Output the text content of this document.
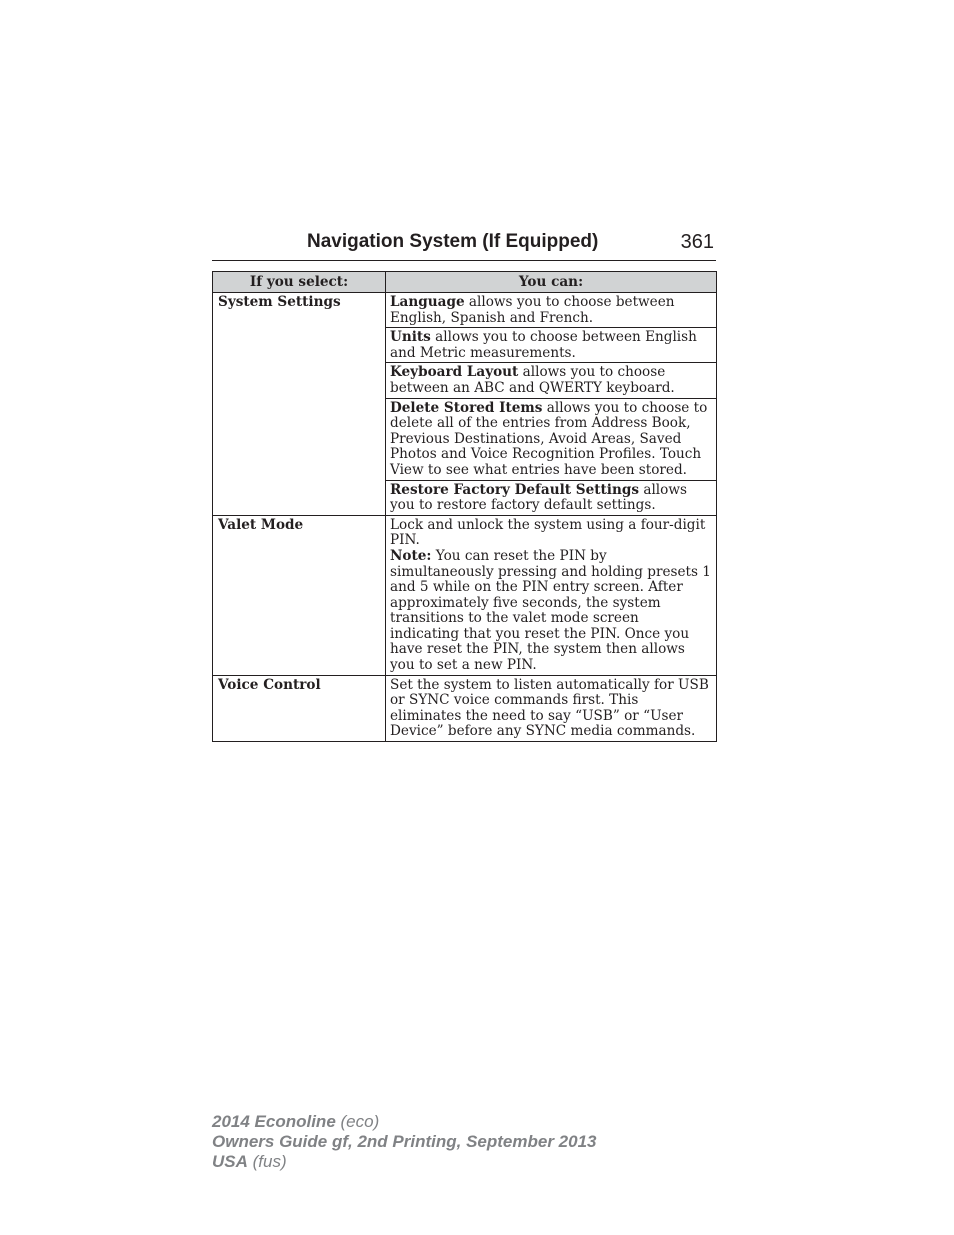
Navigation System (If Equipped)	361
If you select:	You can:
System Settings	Language allows you to choose between English, Spanish and French.
	Units allows you to choose between English and Metric measurements.
	Keyboard Layout allows you to choose between an ABC and QWERTY keyboard.
	Delete Stored Items allows you to choose to delete all of the entries from Address Book, Previous Destinations, Avoid Areas, Saved Photos and Voice Recognition Profiles. Touch View to see what entries have been stored.
	Restore Factory Default Settings allows you to restore factory default settings.
Valet Mode	Lock and unlock the system using a four-digit PIN.
Note: You can reset the PIN by simultaneously pressing and holding presets 1 and 5 while on the PIN entry screen. After approximately five seconds, the system transitions to the valet mode screen indicating that you reset the PIN. Once you have reset the PIN, the system then allows you to set a new PIN.
Voice Control	Set the system to listen automatically for USB or SYNC voice commands first. This eliminates the need to say “USB” or “User Device” before any SYNC media commands.
2014 Econoline (eco)
Owners Guide gf, 2nd Printing, September 2013
USA (fus)
